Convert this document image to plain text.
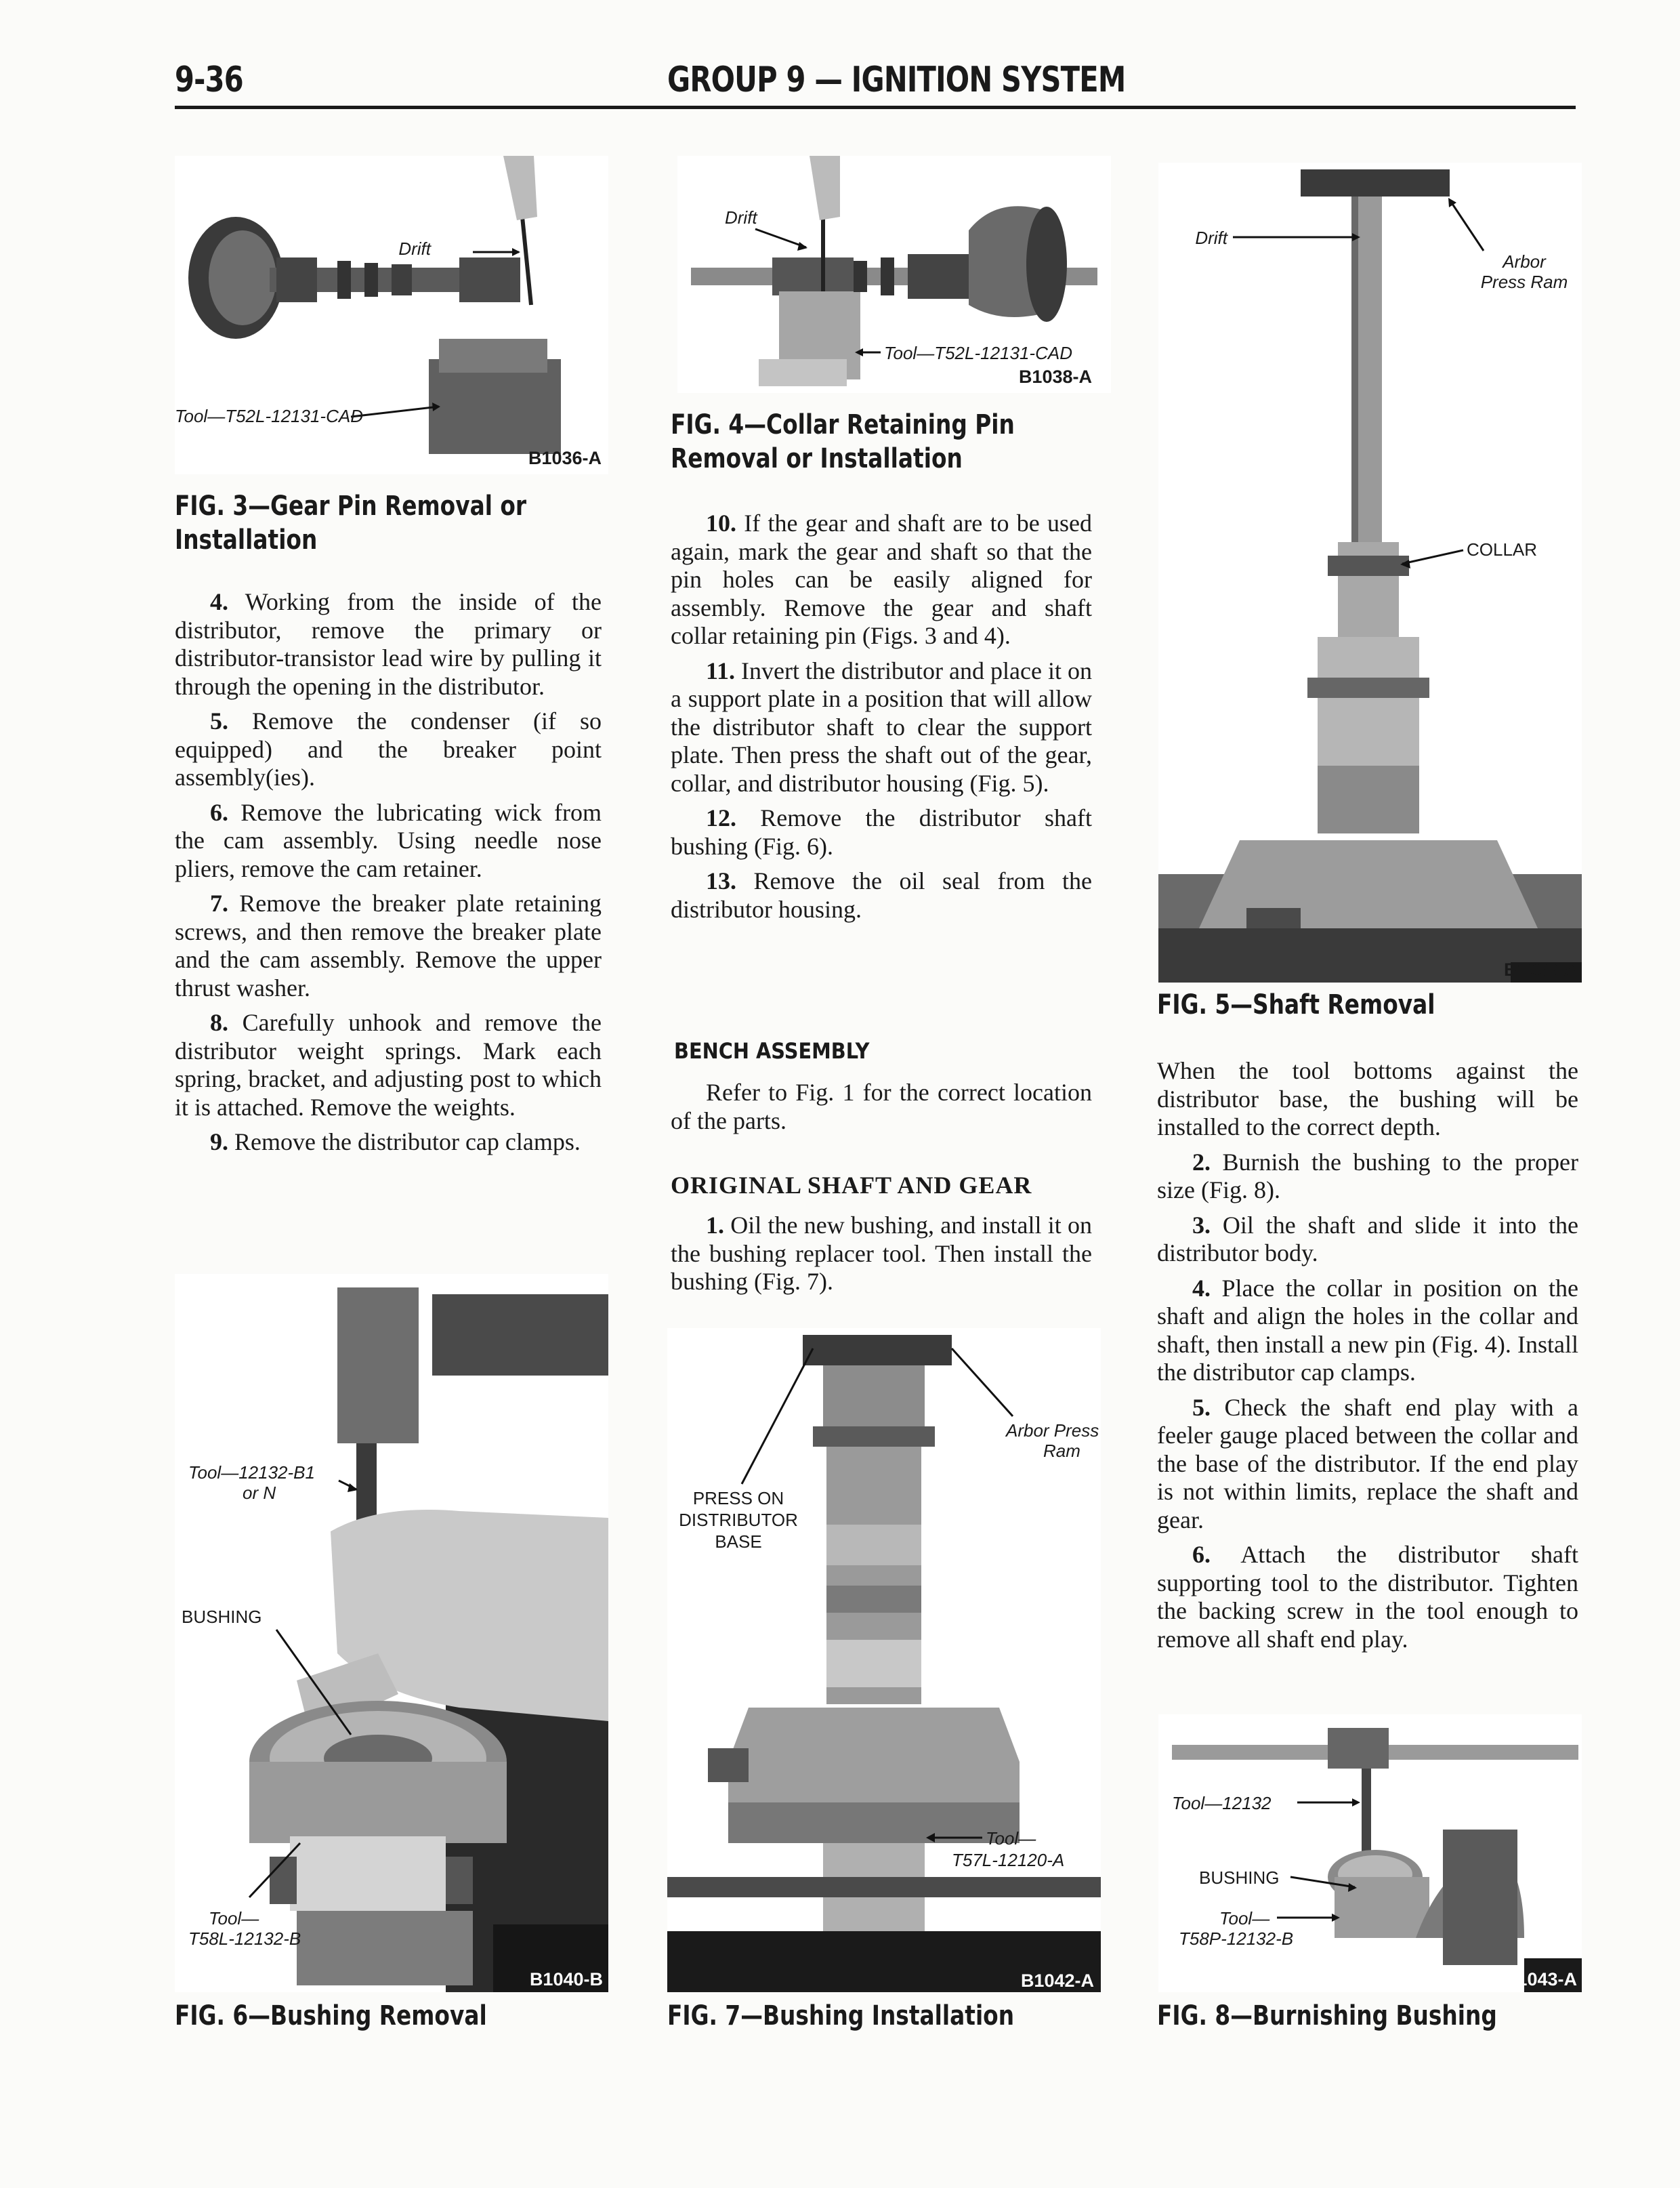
9-36	GROUP 9 — IGNITION SYSTEM
Drift
Tool—T52L-12131-CAD
B1036-A
FIG. 3—Gear Pin Removal or
Installation

4. Working from the inside of the distributor, remove the primary or distributor-transistor lead wire by pulling it through the opening in the distributor.

5. Remove the condenser (if so equipped) and the breaker point assembly(ies).

6. Remove the lubricating wick from the cam assembly. Using needle nose pliers, remove the cam retainer.

7. Remove the breaker plate retaining screws, and then remove the breaker plate and the cam assembly. Remove the upper thrust washer.

8. Carefully unhook and remove the distributor weight springs. Mark each spring, bracket, and adjusting post to which it is attached. Remove the weights.

9. Remove the distributor cap clamps.

Tool—12132-B1
or N
BUSHING
Tool—
T58L-12132-B
B1040-B
FIG. 6—Bushing Removal
Drift
Tool—T52L-12131-CAD
B1038-A
FIG. 4—Collar Retaining Pin
Removal or Installation

10. If the gear and shaft are to be used again, mark the gear and shaft so that the pin holes can be easily aligned for assembly. Remove the gear and shaft collar retaining pin (Figs. 3 and 4).

11. Invert the distributor and place it on a support plate in a position that will allow the distributor shaft to clear the support plate. Then press the shaft out of the gear, collar, and distributor housing (Fig. 5).

12. Remove the distributor shaft bushing (Fig. 6).

13. Remove the oil seal from the distributor housing.

BENCH ASSEMBLY

Refer to Fig. 1 for the correct location of the parts.

ORIGINAL SHAFT AND GEAR

1. Oil the new bushing, and install it on the bushing replacer tool. Then install the bushing (Fig. 7).

Arbor Press
Ram
PRESS ON
DISTRIBUTOR
BASE
Tool—
T57L-12120-A
B1042-A
FIG. 7—Bushing Installation
Drift
Arbor
Press Ram
COLLAR
B1039-A
FIG. 5—Shaft Removal

When the tool bottoms against the distributor base, the bushing will be installed to the correct depth.

2. Burnish the bushing to the proper size (Fig. 8).

3. Oil the shaft and slide it into the distributor body.

4. Place the collar in position on the shaft and align the holes in the collar and shaft, then install a new pin (Fig. 4). Install the distributor cap clamps.

5. Check the shaft end play with a feeler gauge placed between the collar and the base of the distributor. If the end play is not within limits, replace the shaft and gear.

6. Attach the distributor shaft supporting tool to the distributor. Tighten the backing screw in the tool enough to remove all shaft end play.

Tool—12132
BUSHING
Tool—
T58P-12132-B
B1043-A
FIG. 8—Burnishing Bushing
